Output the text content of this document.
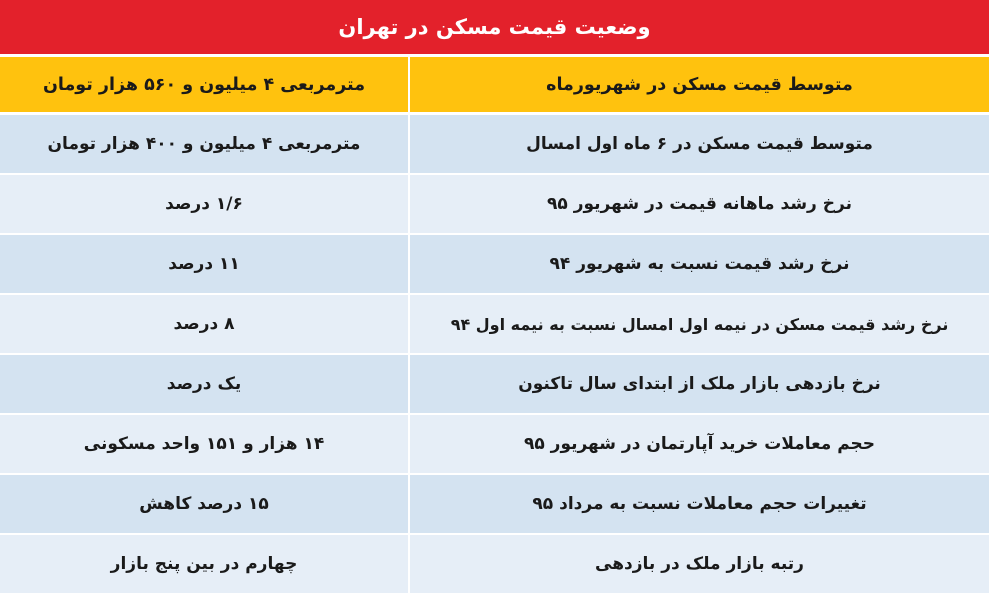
وضعیت قیمت مسکن در تهران
متوسط قیمت مسکن در شهریورماه
مترمربعی ۴ میلیون و ۵۶۰ هزار تومان
متوسط قیمت مسکن در ۶ ماه اول امسال
مترمربعی ۴ میلیون و ۴۰۰ هزار تومان
نرخ رشد ماهانه قیمت در شهریور ۹۵
۱/۶ درصد
نرخ رشد قیمت نسبت به شهریور ۹۴
۱۱ درصد
نرخ رشد قیمت مسکن در نیمه اول امسال نسبت به نیمه اول ۹۴
۸ درصد
نرخ بازدهی بازار ملک از ابتدای سال تاکنون
یک درصد
حجم معاملات خرید آپارتمان در شهریور ۹۵
۱۴ هزار و ۱۵۱ واحد مسکونی
تغییرات حجم معاملات نسبت به مرداد ۹۵
۱۵ درصد کاهش
رتبه بازار ملک در بازدهی
چهارم در بین پنج بازار
